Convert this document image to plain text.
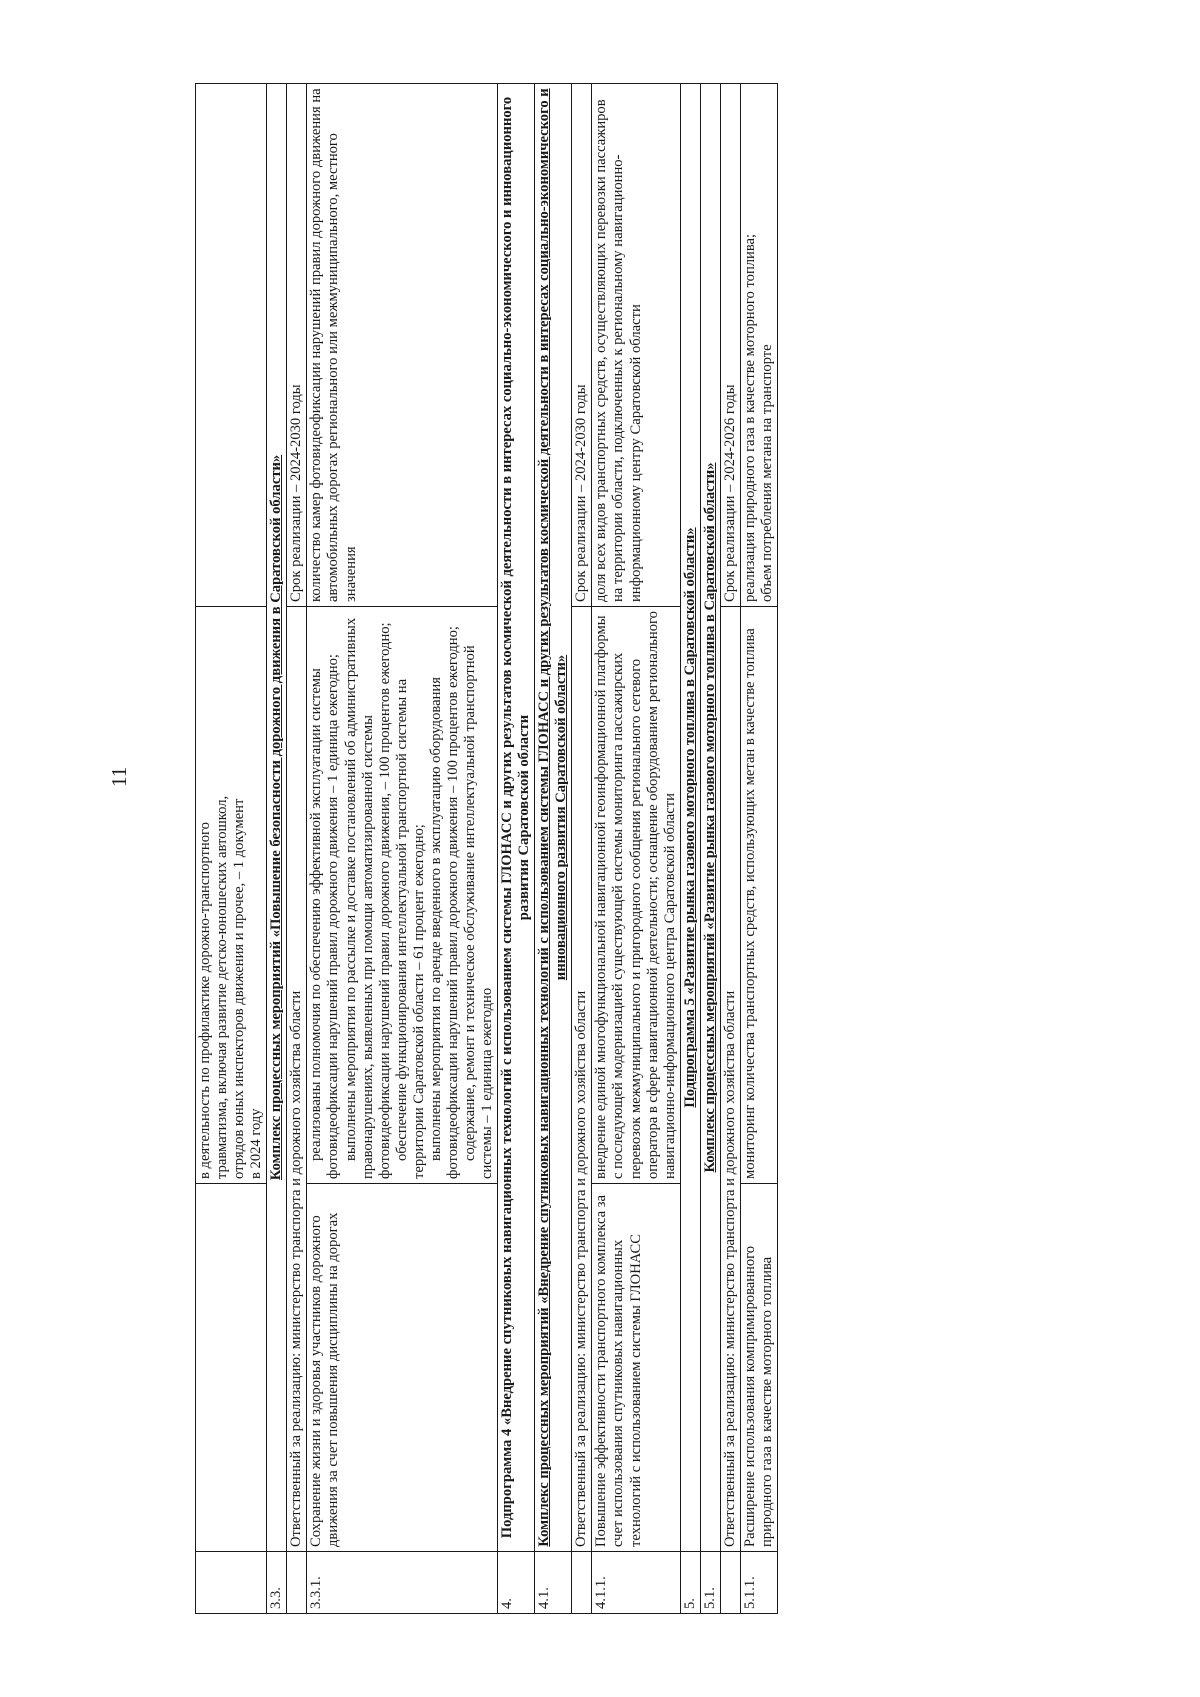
11

		в деятельность по профилактике дорожно-транспортного травматизма, включая развитие детско-юношеских автошкол, отрядов юных инспекторов движения и прочее, – 1 документ в 2024 году	

3.3.	Комплекс процессных мероприятий «Повышение безопасности дорожного движения в Саратовской области»		
	Ответственный за реализацию: министерство транспорта и дорожного хозяйства области		Срок реализации – 2024-2030 годы
3.3.1.	Сохранение жизни и здоровья участников дорожного движения за счет повышения дисциплины на дорогах	реализованы полномочия по обеспечению эффективной эксплуатации системы фотовидеофиксации нарушений правил дорожного движения – 1 единица ежегодно; выполнены мероприятия по рассылке и доставке постановлений об административных правонарушениях, выявленных при помощи автоматизированной системы фотовидеофиксации нарушений правил дорожного движения, – 100 процентов ежегодно; обеспечение функционирования интеллектуальной транспортной системы на территории Саратовской области – 61 процент ежегодно; выполнены мероприятия по аренде введенного в эксплуатацию оборудования фотовидеофиксации нарушений правил дорожного движения – 100 процентов ежегодно; содержание, ремонт и техническое обслуживание интеллектуальной транспортной системы – 1 единица ежегодно	количество камер фотовидеофиксации нарушений правил дорожного движения на автомобильных дорогах регионального или межмуниципального, местного значения
4.	Подпрограмма 4 «Внедрение спутниковых навигационных технологий с использованием системы ГЛОНАСС и других результатов космической деятельности в интересах социально-экономического и инновационного развития Саратовской области		
4.1.	Комплекс процессных мероприятий «Внедрение спутниковых навигационных технологий с использованием системы ГЛОНАСС и других результатов космической деятельности в интересах социально-экономического и инновационного развития Саратовской области»		
	Ответственный за реализацию: министерство транспорта и дорожного хозяйства области		Срок реализации – 2024-2030 годы
4.1.1.	Повышение эффективности транспортного комплекса за счет использования спутниковых навигационных технологий с использованием системы ГЛОНАСС	внедрение единой многофункциональной навигационной геоинформационной платформы с последующей модернизацией существующей системы мониторинга пассажирских перевозок межмуниципального и пригородного сообщения регионального сетевого оператора в сфере навигационной деятельности; оснащение оборудованием регионального навигационно-информационного центра Саратовской области	доля всех видов транспортных средств, осуществляющих перевозки пассажиров на территории области, подключенных к региональному навигационно-информационному центру Саратовской области
5.	Подпрограмма 5 «Развитие рынка газового моторного топлива в Саратовской области»		
5.1.	Комплекс процессных мероприятий «Развитие рынка газового моторного топлива в Саратовской области»		
	Ответственный за реализацию: министерство транспорта и дорожного хозяйства области		Срок реализации – 2024-2026 годы
5.1.1.	Расширение использования компримированного природного газа в качестве моторного топлива	мониторинг количества транспортных средств, использующих метан в качестве топлива	реализация природного газа в качестве моторного топлива; объем потребления метана на транспорте
